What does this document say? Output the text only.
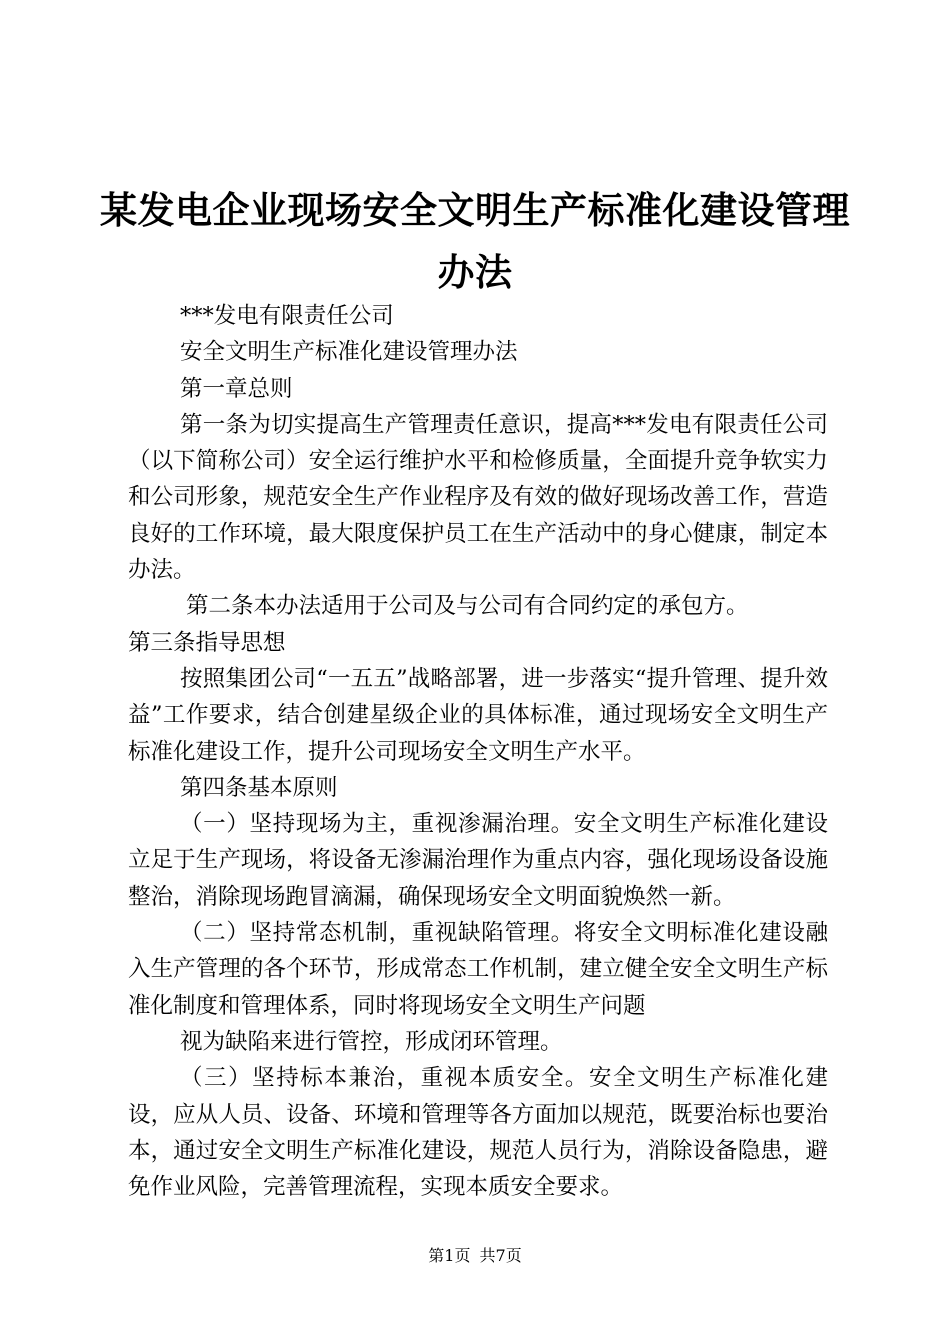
某发电企业现场安全文明生产标准化建设管理办法

***发电有限责任公司

安全文明生产标准化建设管理办法

第一章总则

第一条为切实提高生产管理责任意识，提高***发电有限责任公司（以下简称公司）安全运行维护水平和检修质量，全面提升竞争软实力和公司形象，规范安全生产作业程序及有效的做好现场改善工作，营造良好的工作环境，最大限度保护员工在生产活动中的身心健康，制定本办法。

第二条本办法适用于公司及与公司有合同约定的承包方。

第三条指导思想

按照集团公司“一五五”战略部署，进一步落实“提升管理、提升效益”工作要求，结合创建星级企业的具体标准，通过现场安全文明生产标准化建设工作，提升公司现场安全文明生产水平。

第四条基本原则

（一）坚持现场为主，重视渗漏治理。安全文明生产标准化建设立足于生产现场，将设备无渗漏治理作为重点内容，强化现场设备设施整治，消除现场跑冒滴漏，确保现场安全文明面貌焕然一新。

（二）坚持常态机制，重视缺陷管理。将安全文明标准化建设融入生产管理的各个环节，形成常态工作机制，建立健全安全文明生产标准化制度和管理体系，同时将现场安全文明生产问题

视为缺陷来进行管控，形成闭环管理。

（三）坚持标本兼治，重视本质安全。安全文明生产标准化建设，应从人员、设备、环境和管理等各方面加以规范，既要治标也要治本，通过安全文明生产标准化建设，规范人员行为，消除设备隐患，避免作业风险，完善管理流程，实现本质安全要求。

第1页 共7页
